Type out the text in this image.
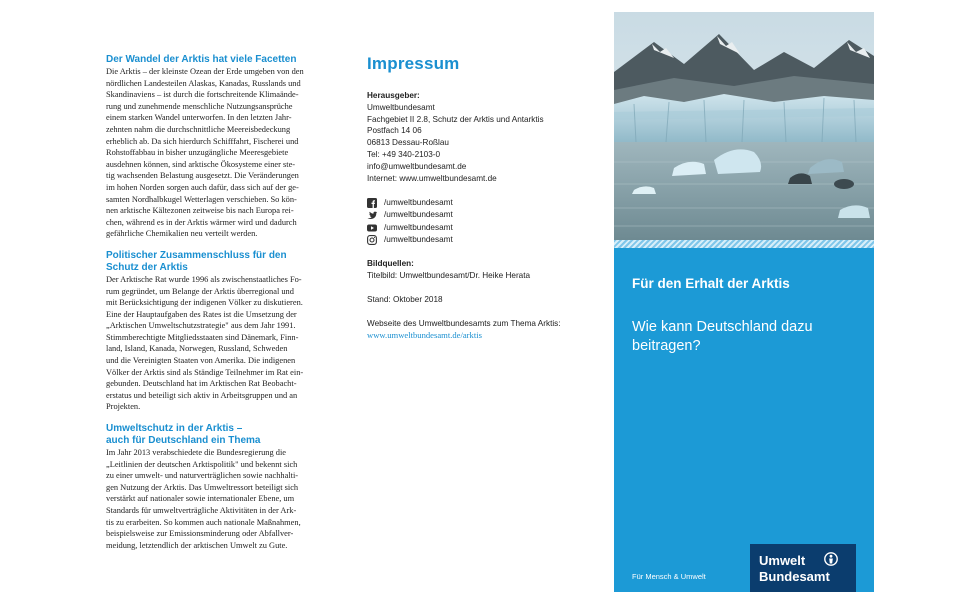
Der Wandel der Arktis hat viele Facetten
Die Arktis – der kleinste Ozean der Erde umgeben von den
nördlichen Landesteilen Alaskas, Kanadas, Russlands und
Skandinaviens – ist durch die fortschreitende Klimaände-
rung und zunehmende menschliche Nutzungsansprüche
einem starken Wandel unterworfen. In den letzten Jahr-
zehnten nahm die durchschnittliche Meereisbedeckung
erheblich ab. Da sich hierdurch Schifffahrt, Fischerei und
Rohstoffabbau in bisher unzugängliche Meeresgebiete
ausdehnen können, sind arktische Ökosysteme einer ste-
tig wachsenden Belastung ausgesetzt. Die Veränderungen
im hohen Norden sorgen auch dafür, dass sich auf der ge-
samten Nordhalbkugel Wetterlagen verschieben. So kön-
nen arktische Kältezonen zeitweise bis nach Europa rei-
chen, während es in der Arktis wärmer wird und dadurch
gefährliche Chemikalien neu verteilt werden.
Politischer Zusammenschluss für den Schutz der Arktis
Der Arktische Rat wurde 1996 als zwischenstaatliches Fo-
rum gegründet, um Belange der Arktis überregional und
mit Berücksichtigung der indigenen Völker zu diskutieren.
Eine der Hauptaufgaben des Rates ist die Umsetzung der
„Arktischen Umweltschutzstrategie" aus dem Jahr 1991.
Stimmberechtigte Mitgliedsstaaten sind Dänemark, Finn-
land, Island, Kanada, Norwegen, Russland, Schweden
und die Vereinigten Staaten von Amerika. Die indigenen
Völker der Arktis sind als Ständige Teilnehmer im Rat ein-
gebunden. Deutschland hat im Arktischen Rat Beobacht-
erstatus und beteiligt sich aktiv in Arbeitsgruppen und an
Projekten.
Umweltschutz in der Arktis –
auch für Deutschland ein Thema
Im Jahr 2013 verabschiedete die Bundesregierung die
„Leitlinien der deutschen Arktispolitik" und bekennt sich
zu einer umwelt- und naturverträglichen sowie nachhalti-
gen Nutzung der Arktis. Das Umweltressort beteiligt sich
verstärkt auf nationaler sowie internationaler Ebene, um
Standards für umweltverträgliche Aktivitäten in der Ark-
tis zu erarbeiten. So kommen auch nationale Maßnahmen,
beispielsweise zur Emissionsminderung oder Abfallver-
meidung, letztendlich der arktischen Umwelt zu Gute.
Impressum
Herausgeber:
Umweltbundesamt
Fachgebiet II 2.8, Schutz der Arktis und Antarktis
Postfach 14 06
06813 Dessau-Roßlau
Tel: +49 340-2103-0
info@umweltbundesamt.de
Internet: www.umweltbundesamt.de
/umweltbundesamt
/umweltbundesamt
/umweltbundesamt
/umweltbundesamt
Bildquellen:
Titelbild: Umweltbundesamt/Dr. Heike Herata
Stand: Oktober 2018
Webseite des Umweltbundesamts zum Thema Arktis:
www.umweltbundesamt.de/arktis
Für den Erhalt der Arktis
Wie kann Deutschland dazu beitragen?
Für Mensch & Umwelt
Umwelt
Bundesamt
